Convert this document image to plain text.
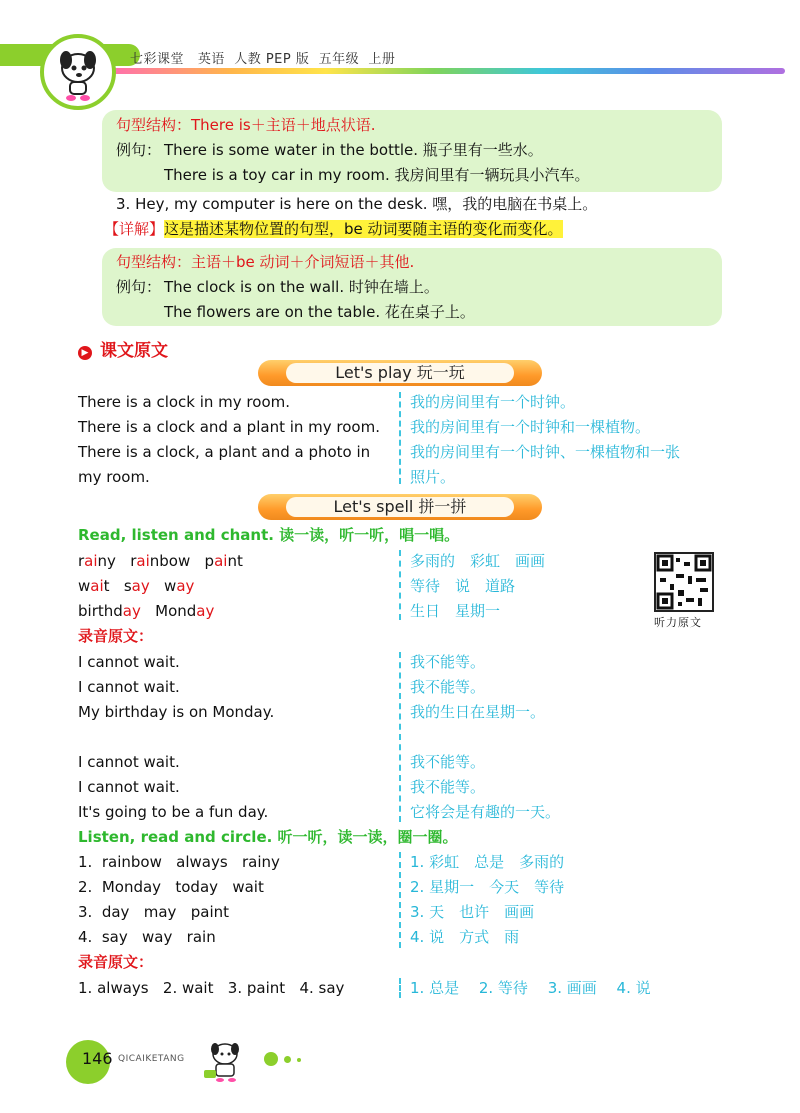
七彩课堂 英语 人教 PEP 版 五年级 上册
句型结构：There is＋主语＋地点状语.
例句： There is some water in the bottle. 瓶子里有一些水。
There is a toy car in my room. 我房间里有一辆玩具小汽车。
3. Hey, my computer is here on the desk. 嘿，我的电脑在书桌上。
【详解】这是描述某物位置的句型，be 动词要随主语的变化而变化。
句型结构：主语＋be 动词＋介词短语＋其他.
例句： The clock is on the wall. 时钟在墙上。
The flowers are on the table. 花在桌子上。
▶ 课文原文
Let's play 玩一玩
There is a clock in my room.	我的房间里有一个时钟。
There is a clock and a plant in my room. 我的房间里有一个时钟和一棵植物。
There is a clock, a plant and a photo in	我的房间里有一个时钟、一棵植物和一张
my room.	照片。
Let's spell 拼一拼
Read, listen and chant. 读一读，听一听，唱一唱。
rainy   rainbow   paint	多雨的　彩虹　画画
wait   say   way	等待　说　道路
birthday   Monday	生日　星期一
听力原文
录音原文：
I cannot wait.	我不能等。
I cannot wait.	我不能等。
My birthday is on Monday.	我的生日在星期一。
I cannot wait.	我不能等。
I cannot wait.	我不能等。
It's going to be a fun day.	它将会是有趣的一天。
Listen, read and circle. 听一听，读一读，圈一圈。
1.  rainbow   always   rainy	1. 彩虹　总是　多雨的
2.  Monday   today   wait	2. 星期一　今天　等待
3.  day   may   paint	3. 天　也许　画画
4.  say   way   rain	4. 说　方式　雨
录音原文：
1. always   2. wait   3. paint   4. say	1. 总是　 2. 等待　 3. 画画　 4. 说
146 QICAIKETANG
